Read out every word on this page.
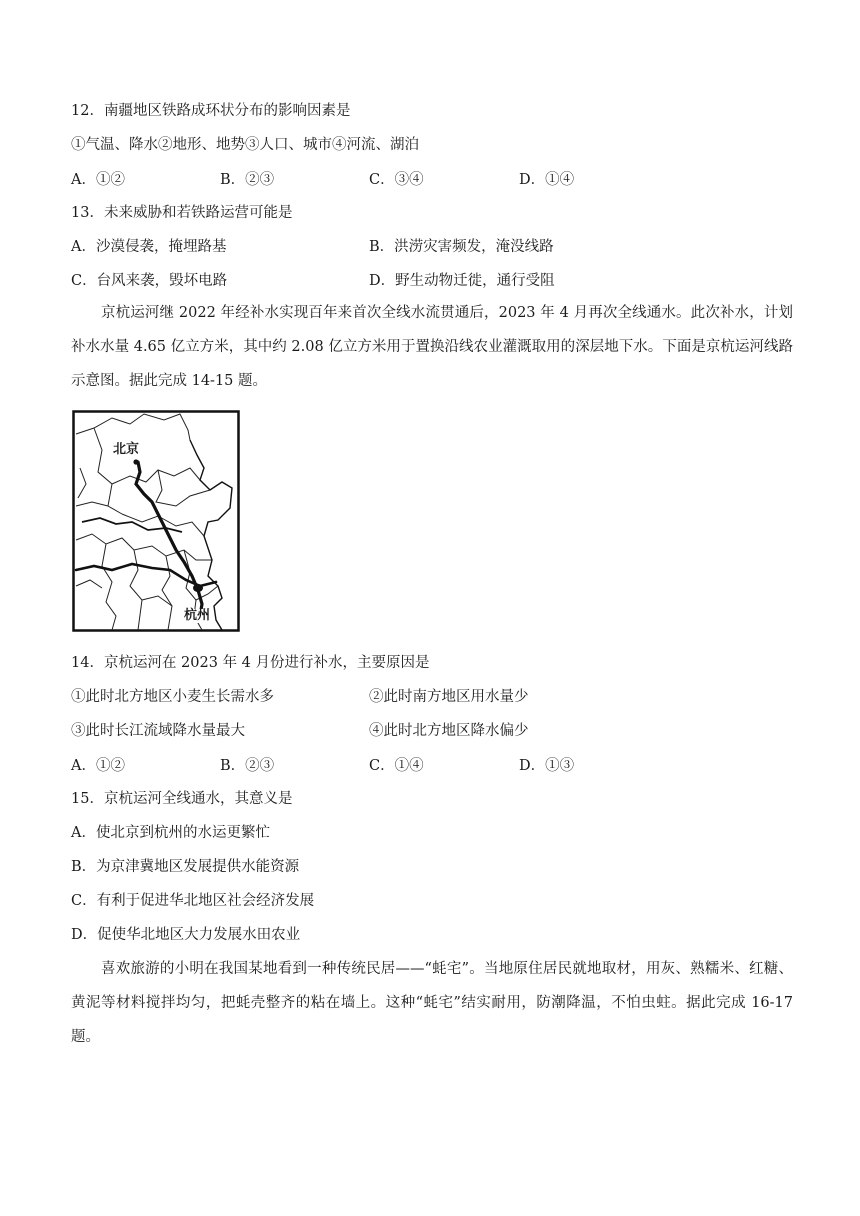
12．南疆地区铁路成环状分布的影响因素是
①气温、降水②地形、地势③人口、城市④河流、湖泊
A．①②	B．②③	C．③④	D．①④
13．未来威胁和若铁路运营可能是
A．沙漠侵袭，掩埋路基	B．洪涝灾害频发，淹没线路
C．台风来袭，毁坏电路	D．野生动物迁徙，通行受阻
京杭运河继 2022 年经补水实现百年来首次全线水流贯通后，2023 年 4 月再次全线通水。此次补水，计划补水水量 4.65 亿立方米，其中约 2.08 亿立方米用于置换沿线农业灌溉取用的深层地下水。下面是京杭运河线路示意图。据此完成 14-15 题。
北京
杭州
14．京杭运河在 2023 年 4 月份进行补水，主要原因是
①此时北方地区小麦生长需水多	②此时南方地区用水量少
③此时长江流域降水量最大	④此时北方地区降水偏少
A．①②	B．②③	C．①④	D．①③
15．京杭运河全线通水，其意义是
A．使北京到杭州的水运更繁忙
B．为京津冀地区发展提供水能资源
C．有利于促进华北地区社会经济发展
D．促使华北地区大力发展水田农业
喜欢旅游的小明在我国某地看到一种传统民居——“蚝宅”。当地原住居民就地取材，用灰、熟糯米、红糖、黄泥等材料搅拌均匀，把蚝壳整齐的粘在墙上。这种“蚝宅”结实耐用，防潮降温，不怕虫蛀。据此完成 16-17 题。
